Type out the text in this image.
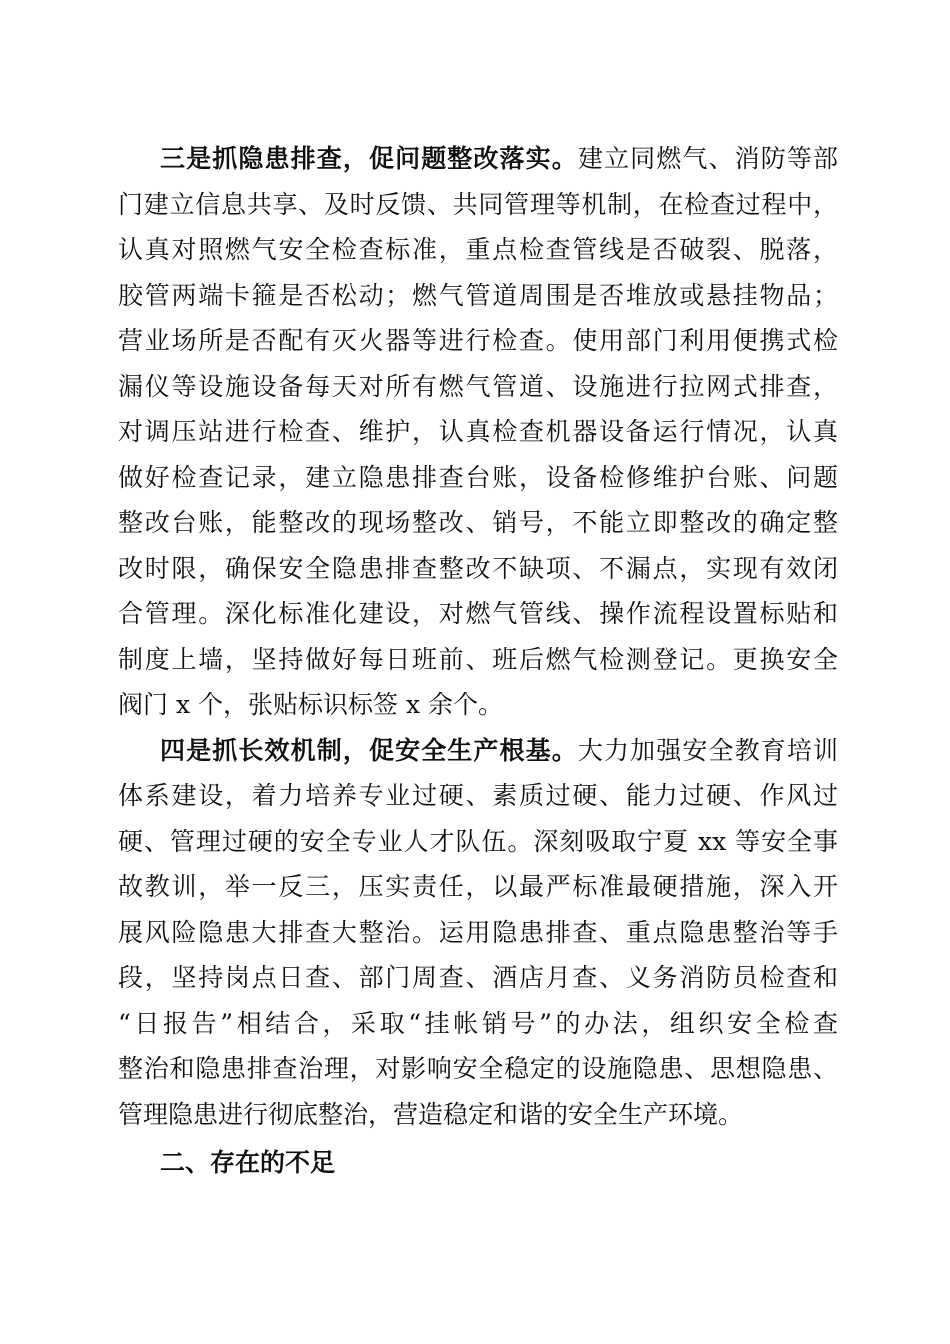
三是抓隐患排查，促问题整改落实。建立同燃气、消防等部
门建立信息共享、及时反馈、共同管理等机制，在检查过程中，
认真对照燃气安全检查标准，重点检查管线是否破裂、脱落，
胶管两端卡箍是否松动；燃气管道周围是否堆放或悬挂物品；
营业场所是否配有灭火器等进行检查。使用部门利用便携式检
漏仪等设施设备每天对所有燃气管道、设施进行拉网式排查，
对调压站进行检查、维护，认真检查机器设备运行情况，认真
做好检查记录，建立隐患排查台账，设备检修维护台账、问题
整改台账，能整改的现场整改、销号，不能立即整改的确定整
改时限，确保安全隐患排查整改不缺项、不漏点，实现有效闭
合管理。深化标准化建设，对燃气管线、操作流程设置标贴和
制度上墙，坚持做好每日班前、班后燃气检测登记。更换安全
阀门 x 个，张贴标识标签 x 余个。
四是抓长效机制，促安全生产根基。大力加强安全教育培训
体系建设，着力培养专业过硬、素质过硬、能力过硬、作风过
硬、管理过硬的安全专业人才队伍。深刻吸取宁夏 xx 等安全事
故教训，举一反三，压实责任，以最严标准最硬措施，深入开
展风险隐患大排查大整治。运用隐患排查、重点隐患整治等手
段，坚持岗点日查、部门周查、酒店月查、义务消防员检查和
“日报告”相结合，采取“挂帐销号”的办法，组织安全检查
整治和隐患排查治理，对影响安全稳定的设施隐患、思想隐患、
管理隐患进行彻底整治，营造稳定和谐的安全生产环境。
二、存在的不足
